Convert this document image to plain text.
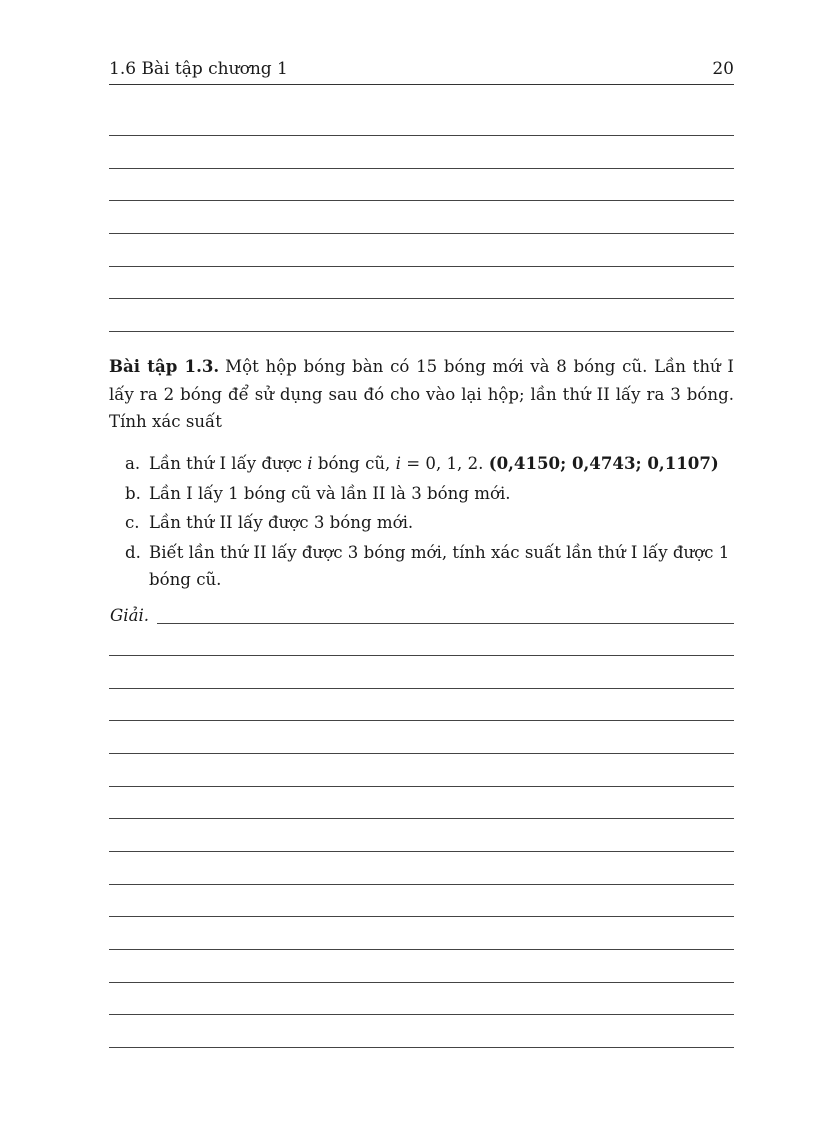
1.6 Bài tập chương 1	20
Bài tập 1.3. Một hộp bóng bàn có 15 bóng mới và 8 bóng cũ. Lần thứ I lấy ra 2 bóng để sử dụng sau đó cho vào lại hộp; lần thứ II lấy ra 3 bóng. Tính xác suất
a. Lần thứ I lấy được i bóng cũ, i = 0, 1, 2. (0,4150; 0,4743; 0,1107)
b. Lần I lấy 1 bóng cũ và lần II là 3 bóng mới.
c. Lần thứ II lấy được 3 bóng mới.
d. Biết lần thứ II lấy được 3 bóng mới, tính xác suất lần thứ I lấy được 1 bóng cũ.
Giải.
